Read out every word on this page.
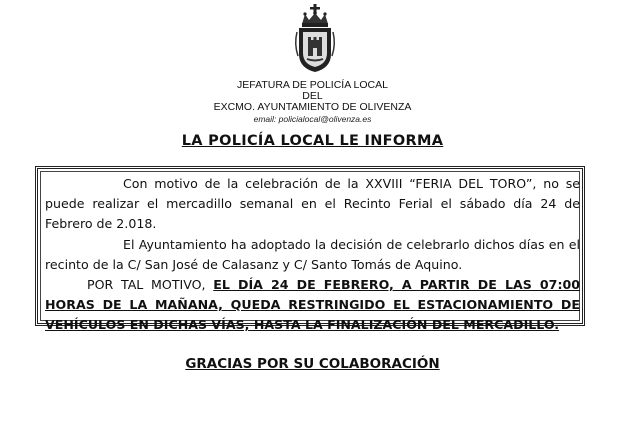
JEFATURA DE POLICÍA LOCAL
DEL
EXCMO. AYUNTAMIENTO DE OLIVENZA
email: policialocal@olivenza.es
LA POLICÍA LOCAL LE INFORMA

Con motivo de la celebración de la XXVIII “FERIA DEL TORO”, no se puede realizar el mercadillo semanal en el Recinto Ferial el sábado día 24 de Febrero de 2.018.

El Ayuntamiento ha adoptado la decisión de celebrarlo dichos días en el recinto de la C/ San José de Calasanz y C/ Santo Tomás de Aquino.

POR TAL MOTIVO, EL DÍA 24 DE FEBRERO, A PARTIR DE LAS 07:00 HORAS DE LA MAÑANA, QUEDA RESTRINGIDO EL ESTACIONAMIENTO DE VEHÍCULOS EN DICHAS VÍAS, HASTA LA FINALIZACIÓN DEL MERCADILLO.

GRACIAS POR SU COLABORACIÓN
